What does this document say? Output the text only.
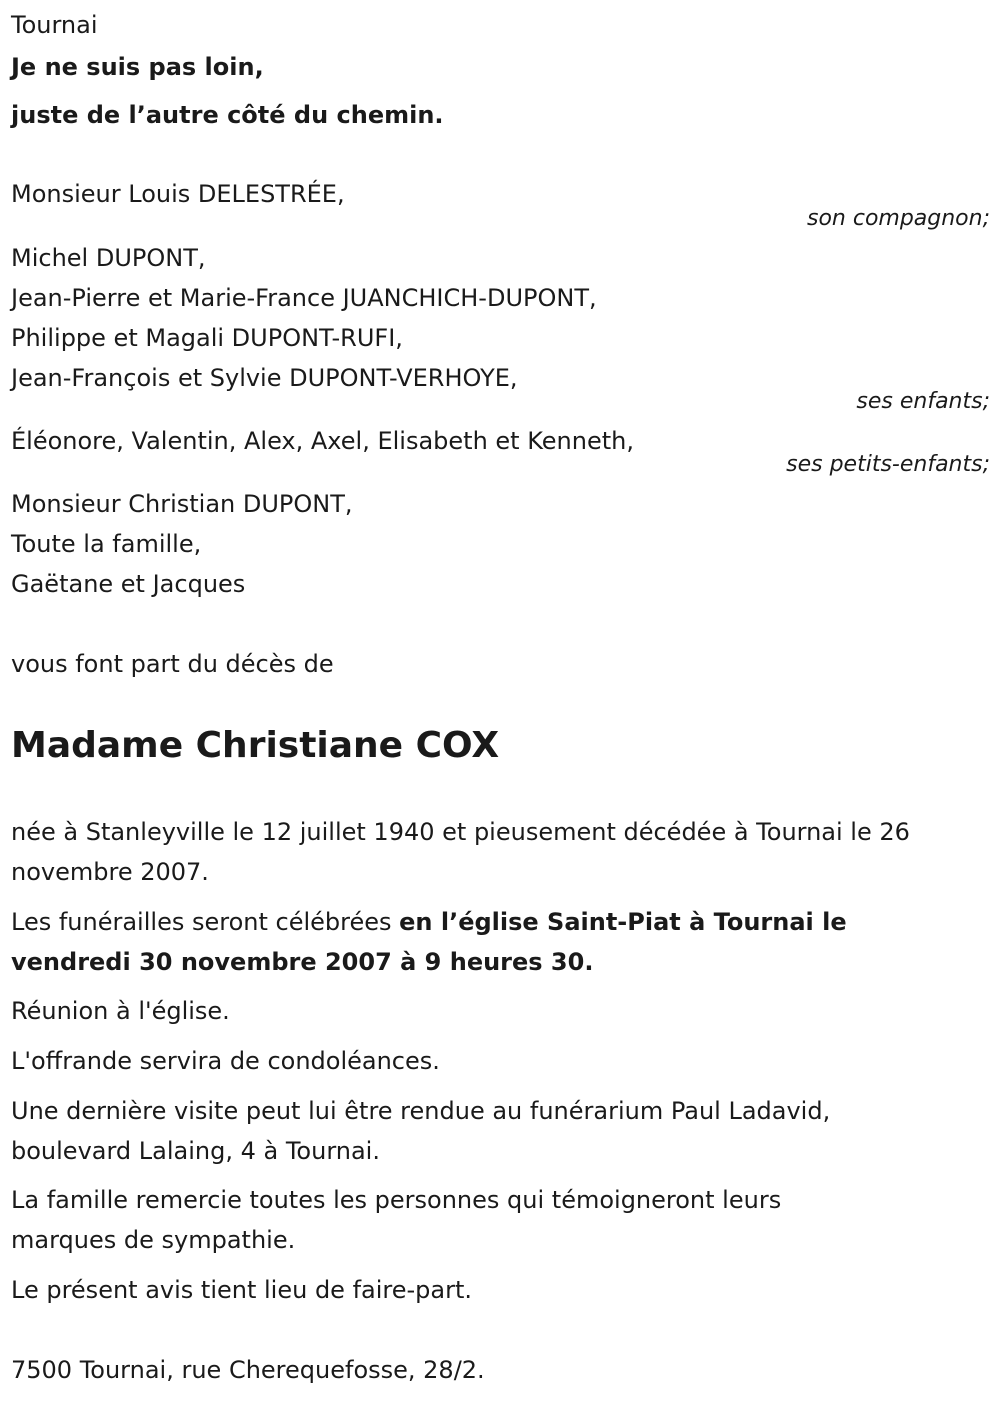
Tournai
Je ne suis pas loin,
juste de l’autre côté du chemin.
Monsieur Louis DELESTRÉE,
son compagnon;
Michel DUPONT,
Jean-Pierre et Marie-France JUANCHICH-DUPONT,
Philippe et Magali DUPONT-RUFI,
Jean-François et Sylvie DUPONT-VERHOYE,
ses enfants;
Éléonore, Valentin, Alex, Axel, Elisabeth et Kenneth,
ses petits-enfants;
Monsieur Christian DUPONT,
Toute la famille,
Gaëtane et Jacques
vous font part du décès de
Madame Christiane COX
née à Stanleyville le 12 juillet 1940 et pieusement décédée à Tournai le 26
novembre 2007.
Les funérailles seront célébrées en l’église Saint-Piat à Tournai le
vendredi 30 novembre 2007 à 9 heures 30.
Réunion à l'église.
L'offrande servira de condoléances.
Une dernière visite peut lui être rendue au funérarium Paul Ladavid,
boulevard Lalaing, 4 à Tournai.
La famille remercie toutes les personnes qui témoigneront leurs
marques de sympathie.
Le présent avis tient lieu de faire-part.
7500 Tournai, rue Cherequefosse, 28/2.
